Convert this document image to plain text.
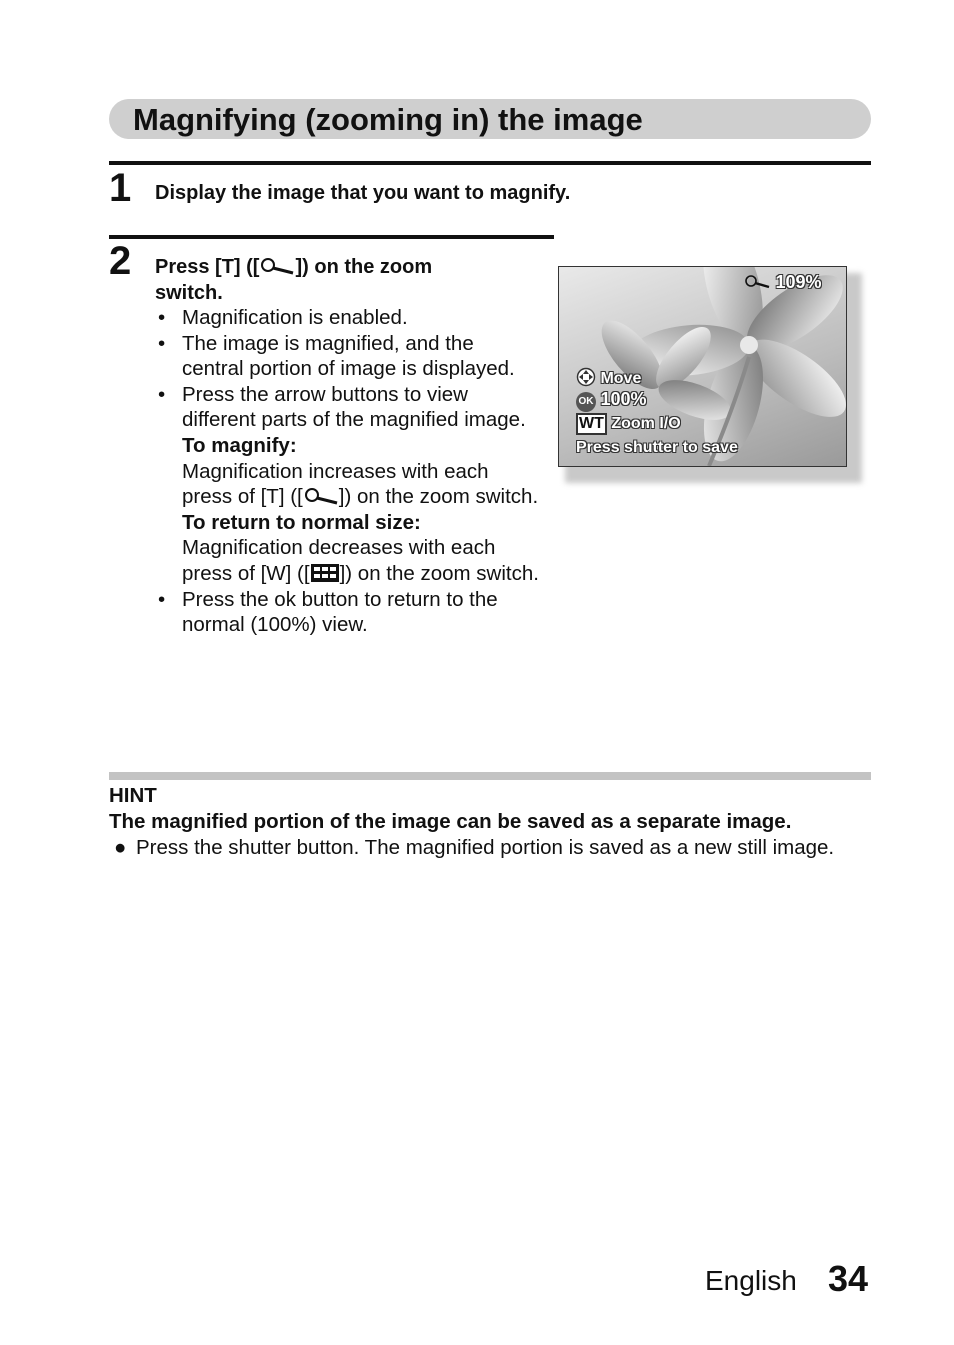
Magnifying (zooming in) the image
1 Display the image that you want to magnify.
2 Press [T] ([ ]) on the zoom switch.
• Magnification is enabled.
• The image is magnified, and the central portion of image is displayed.
• Press the arrow buttons to view different parts of the magnified image.
To magnify:
Magnification increases with each press of [T] ([ ]) on the zoom switch.
To return to normal size:
Magnification decreases with each press of [W] ([ ]) on the zoom switch.
• Press the ok button to return to the normal (100%) view.
109%
Move
OK 100%
WT Zoom I/O
Press shutter to save
HINT
The magnified portion of the image can be saved as a separate image.
● Press the shutter button. The magnified portion is saved as a new still image.
English 34
